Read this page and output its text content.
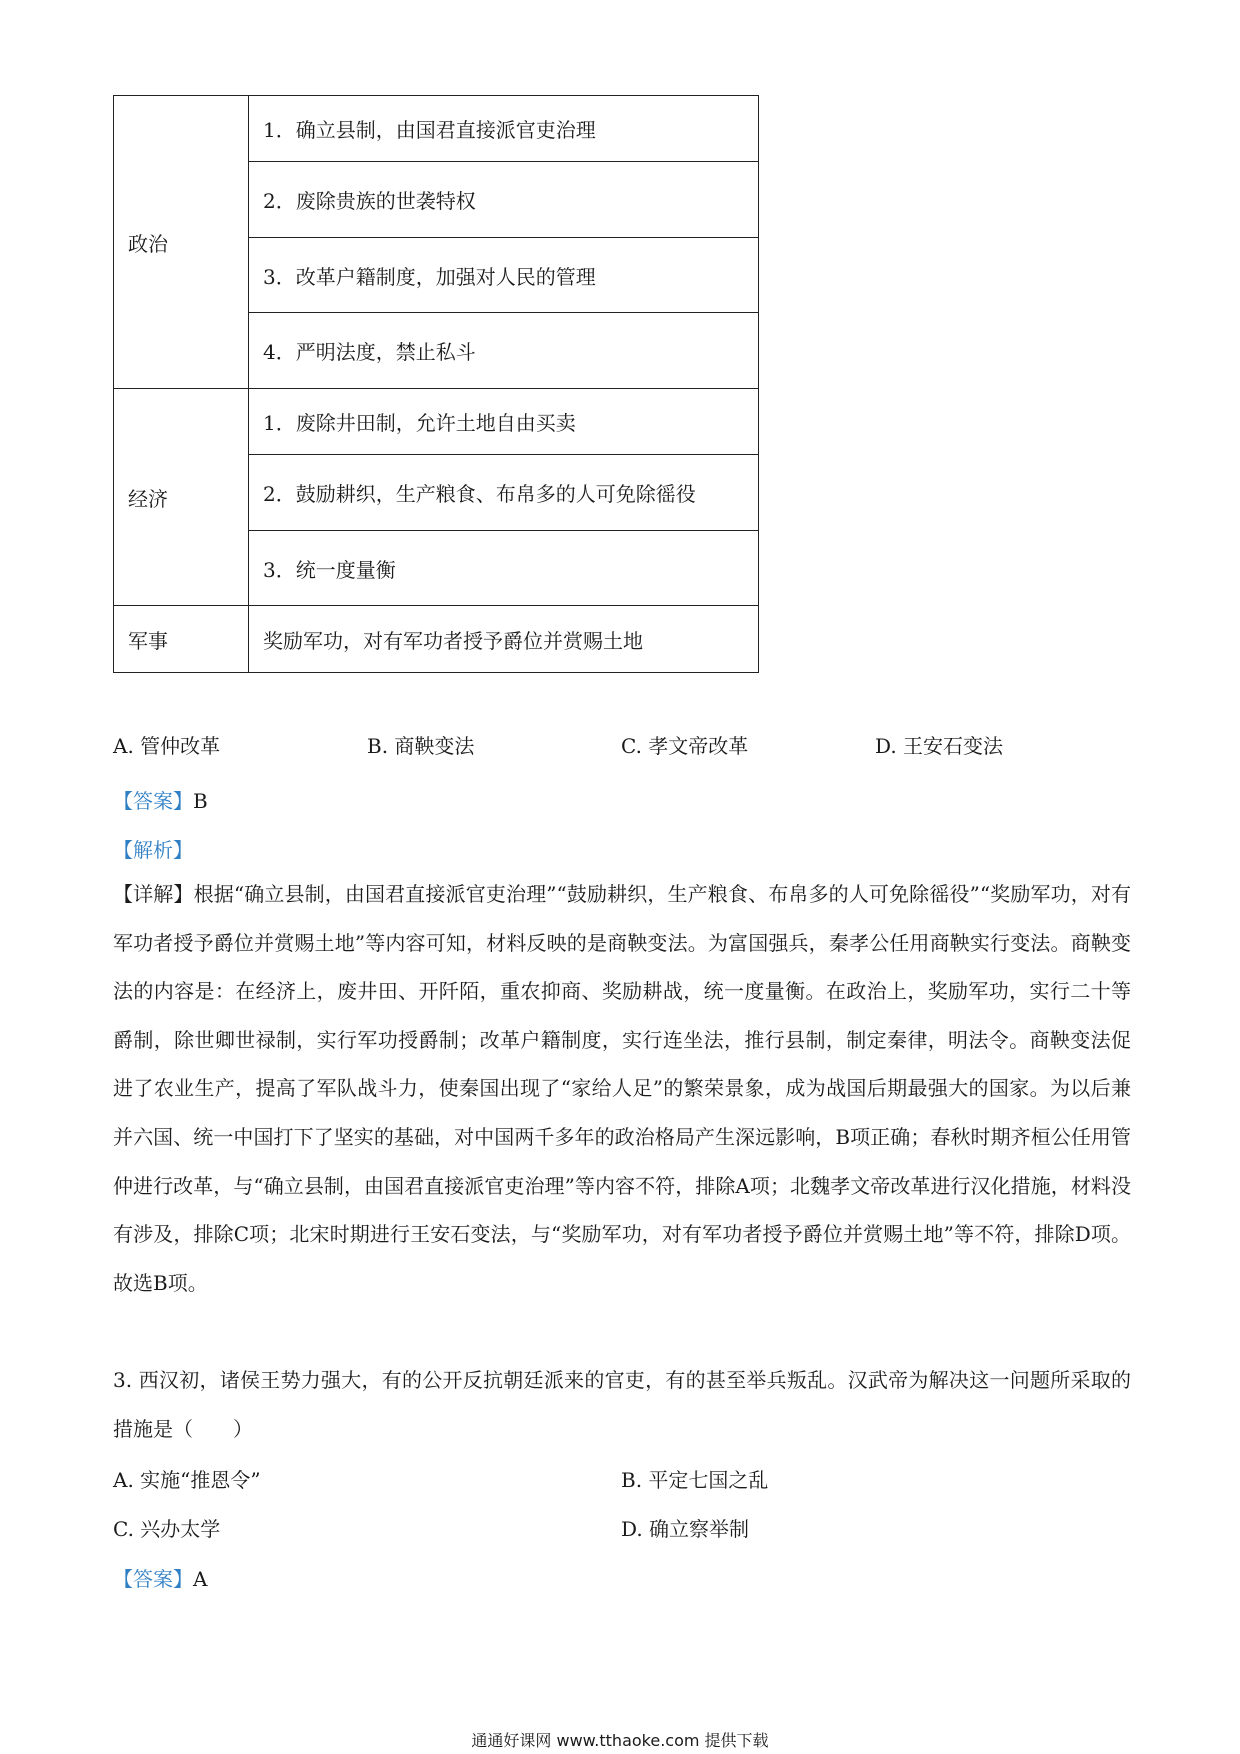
政治	1．确立县制，由国君直接派官吏治理
	2．废除贵族的世袭特权
	3．改革户籍制度，加强对人民的管理
	4．严明法度，禁止私斗
经济	1．废除井田制，允许土地自由买卖
	2．鼓励耕织，生产粮食、布帛多的人可免除徭役
	3．统一度量衡
军事	奖励军功，对有军功者授予爵位并赏赐土地
A. 管仲改革	B. 商鞅变法	C. 孝文帝改革	D. 王安石变法
【答案】B
【解析】
【详解】根据“确立县制，由国君直接派官吏治理”“鼓励耕织，生产粮食、布帛多的人可免除徭役”“奖励军功，对有军功者授予爵位并赏赐土地”等内容可知，材料反映的是商鞅变法。为富国强兵，秦孝公任用商鞅实行变法。商鞅变法的内容是：在经济上，废井田、开阡陌，重农抑商、奖励耕战，统一度量衡。在政治上，奖励军功，实行二十等爵制，除世卿世禄制，实行军功授爵制；改革户籍制度，实行连坐法，推行县制，制定秦律，明法令。商鞅变法促进了农业生产，提高了军队战斗力，使秦国出现了“家给人足”的繁荣景象，成为战国后期最强大的国家。为以后兼并六国、统一中国打下了坚实的基础，对中国两千多年的政治格局产生深远影响，B项正确；春秋时期齐桓公任用管仲进行改革，与“确立县制，由国君直接派官吏治理”等内容不符，排除A项；北魏孝文帝改革进行汉化措施，材料没有涉及，排除C项；北宋时期进行王安石变法，与“奖励军功，对有军功者授予爵位并赏赐土地”等不符，排除D项。故选B项。
3. 西汉初，诸侯王势力强大，有的公开反抗朝廷派来的官吏，有的甚至举兵叛乱。汉武帝为解决这一问题所采取的措施是（　　）
A. 实施“推恩令”	B. 平定七国之乱
C. 兴办太学	D. 确立察举制
【答案】A
通通好课网 www.tthaoke.com 提供下载
